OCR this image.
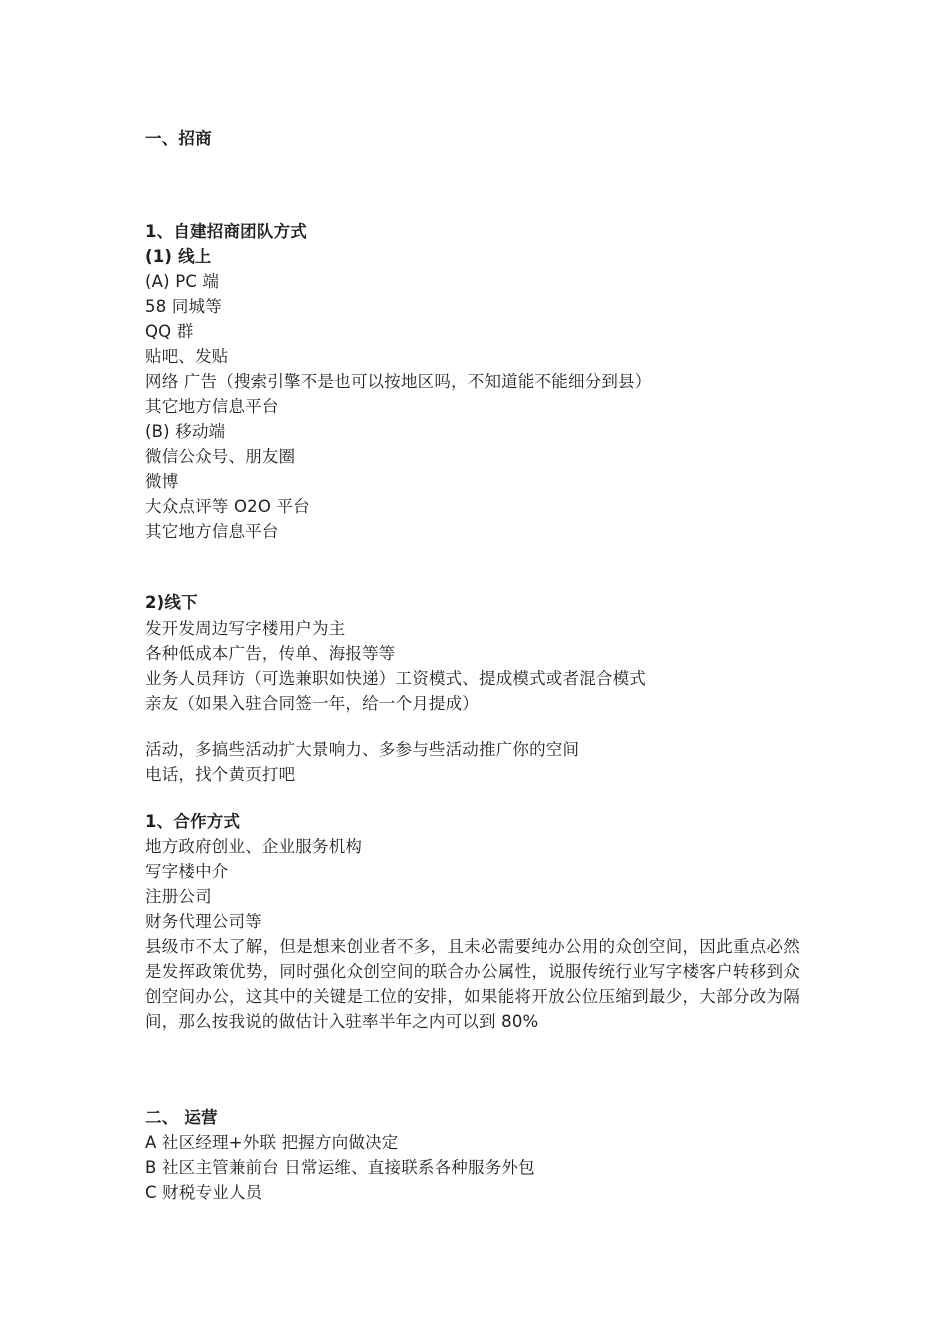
一、招商
1、自建招商团队方式
(1) 线上
(A) PC 端
58 同城等
QQ 群
贴吧、发贴
网络 广告（搜索引擎不是也可以按地区吗，不知道能不能细分到县）
其它地方信息平台
(B) 移动端
微信公众号、朋友圈
微博
大众点评等 O2O 平台
其它地方信息平台
2)线下
发开发周边写字楼用户为主
各种低成本广告，传单、海报等等
业务人员拜访（可选兼职如快递）工资模式、提成模式或者混合模式
亲友（如果入驻合同签一年，给一个月提成）
活动，多搞些活动扩大景响力、多参与些活动推广你的空间
电话，找个黄页打吧
1、合作方式
地方政府创业、企业服务机构
写字楼中介
注册公司
财务代理公司等
县级市不太了解，但是想来创业者不多，且未必需要纯办公用的众创空间，因此重点必然是发挥政策优势，同时强化众创空间的联合办公属性，说服传统行业写字楼客户转移到众创空间办公，这其中的关键是工位的安排，如果能将开放公位压缩到最少，大部分改为隔间，那么按我说的做估计入驻率半年之内可以到 80%
二、 运营
A 社区经理+外联 把握方向做决定
B 社区主管兼前台 日常运维、直接联系各种服务外包
C 财税专业人员
